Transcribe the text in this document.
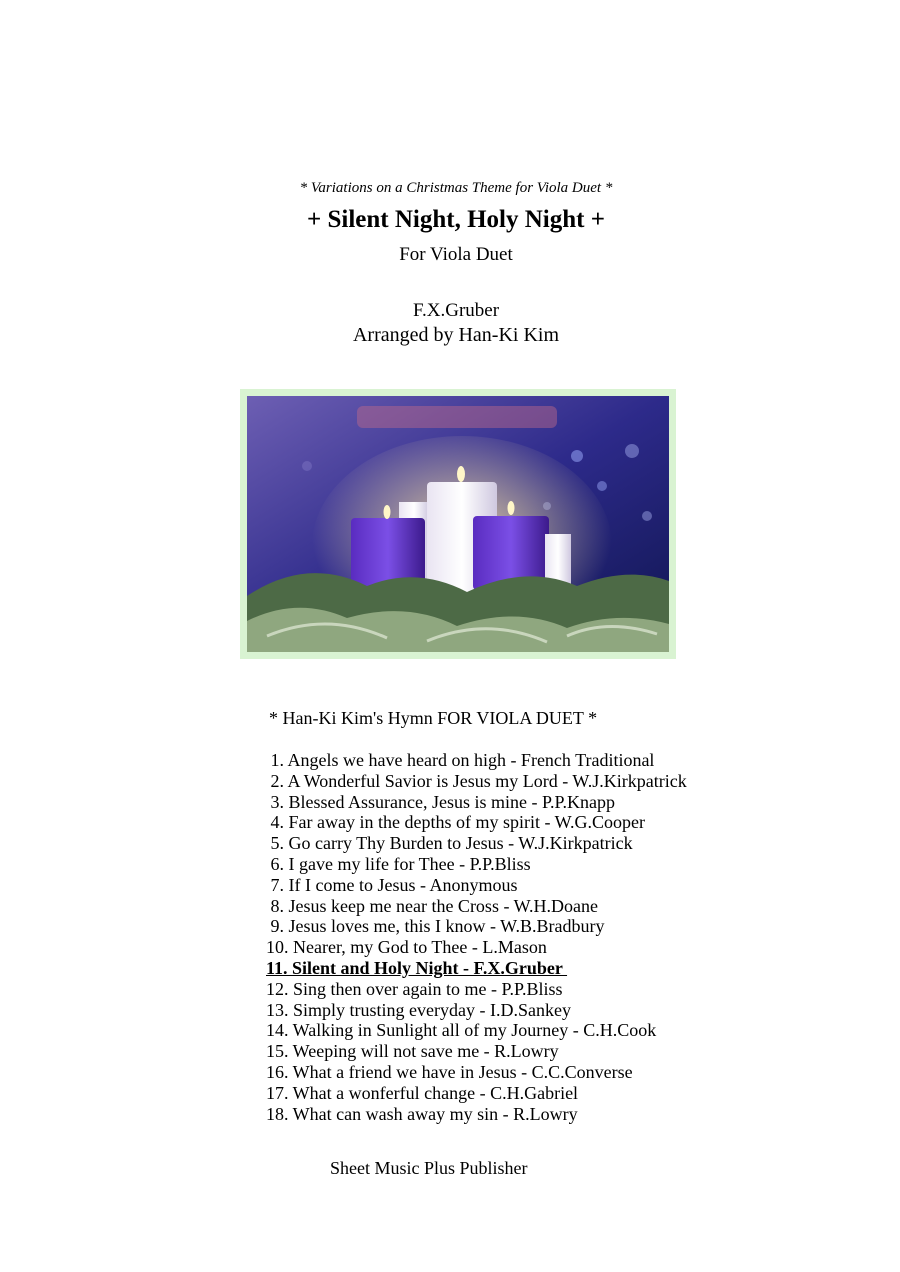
* Variations on a Christmas Theme for Viola Duet *
+ Silent Night, Holy Night +
For Viola Duet
F.X.Gruber
Arranged by Han-Ki Kim
* Han-Ki Kim's Hymn FOR VIOLA DUET *
1. Angels we have heard on high - French Traditional
2. A Wonderful Savior is Jesus my Lord - W.J.Kirkpatrick
3. Blessed Assurance, Jesus is mine - P.P.Knapp
4. Far away in the depths of my spirit - W.G.Cooper
5. Go carry Thy Burden to Jesus - W.J.Kirkpatrick
6. I gave my life for Thee - P.P.Bliss
7. If I come to Jesus - Anonymous
8. Jesus keep me near the Cross - W.H.Doane
9. Jesus loves me, this I know - W.B.Bradbury
10. Nearer, my God to Thee - L.Mason
11. Silent and Holy Night - F.X.Gruber
12. Sing then over again to me - P.P.Bliss
13. Simply trusting everyday - I.D.Sankey
14. Walking in Sunlight all of my Journey - C.H.Cook
15. Weeping will not save me - R.Lowry
16. What a friend we have in Jesus - C.C.Converse
17. What a wonferful change - C.H.Gabriel
18. What can wash away my sin - R.Lowry
Sheet Music Plus Publisher
